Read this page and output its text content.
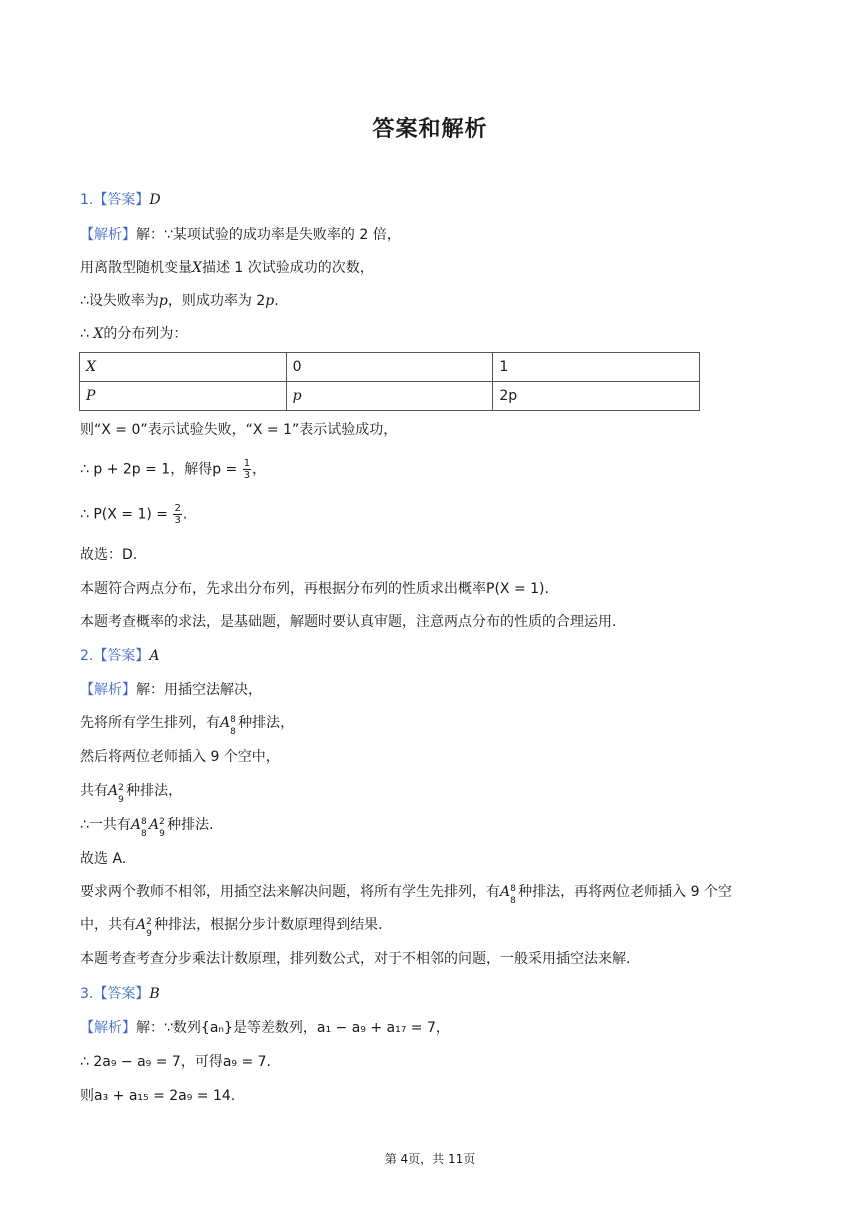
答案和解析
1.【答案】D
【解析】解：∵某项试验的成功率是失败率的 2 倍，
用离散型随机变量X描述 1 次试验成功的次数，
∴设失败率为p，则成功率为 2p.
∴ X的分布列为：
X	0	1
P	p	2p
则“X = 0”表示试验失败，“X = 1”表示试验成功，
∴ p + 2p = 1，解得$p = \frac{1}{3}$ ，
∴ $P(X = 1) = \frac{2}{3}$ .
故选：D.
本题符合两点分布，先求出分布列，再根据分布列的性质求出概率P(X = 1).
本题考查概率的求法，是基础题，解题时要认真审题，注意两点分布的性质的合理运用.
2.【答案】A
【解析】解：用插空法解决，
先将所有学生排列，有A 8
8
种排法，
然后将两位老师插入 9 个空中，
共有A 2
9
种排法，
∴一共有A 8
8
A 2
9
种排法.
故选 A.
要求两个教师不相邻，用插空法来解决问题，将所有学生先排列，有A 8
8
种排法，再将两位老师插入 9 个空
中，共有A 2
9
种排法，根据分步计数原理得到结果.
本题考查考查分步乘法计数原理，排列数公式，对于不相邻的问题，一般采用插空法来解.
3.【答案】B
【解析】解：∵数列{aₙ}是等差数列，a₁ − a₉ + a₁₇ = 7，
∴ 2a₉ − a₉ = 7，可得a₉ = 7.
则a₃ + a₁₅ = 2a₉ = 14.
第 4页，共 11页
